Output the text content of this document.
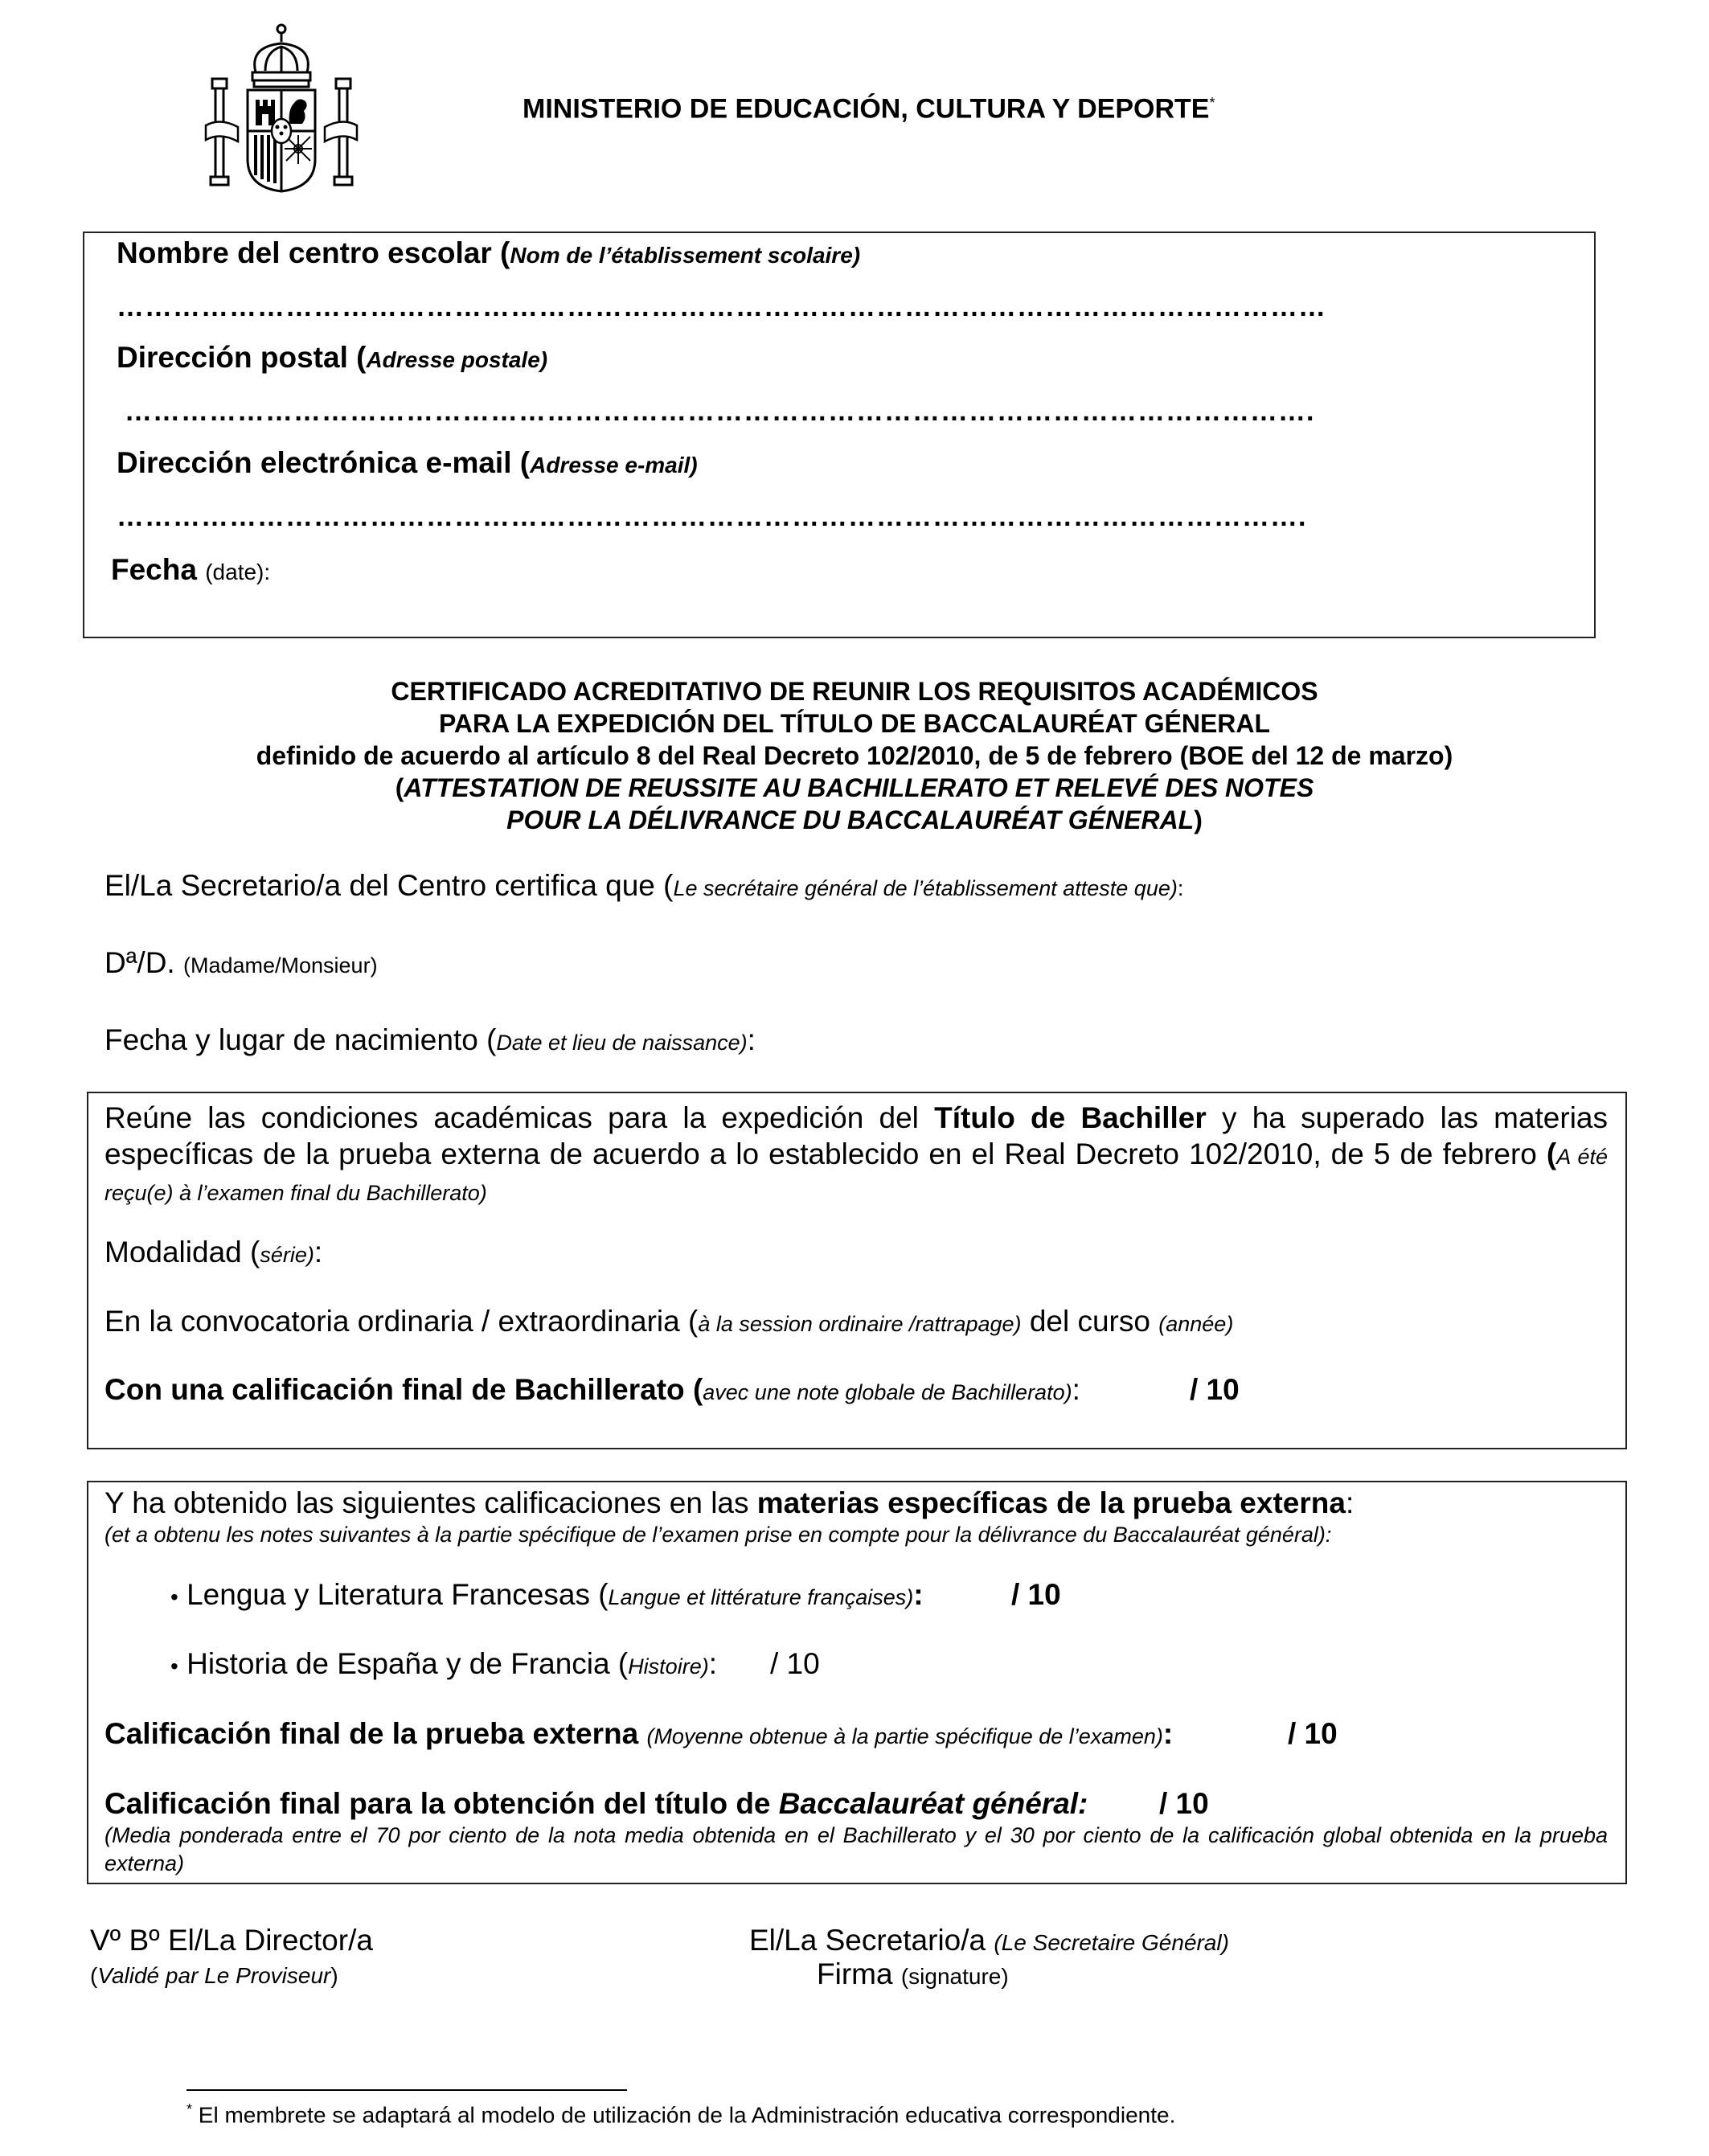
MINISTERIO DE EDUCACIÓN, CULTURA Y DEPORTE*
Nombre del centro escolar (Nom de l’établissement scolaire)
…………………………………………………………………………………………………………………
Dirección postal (Adresse postale)
……………………………………………………………………………………………………………….
Dirección electrónica e-mail (Adresse e-mail)
……………………………………………………………………………………………………………….
Fecha (date):
CERTIFICADO ACREDITATIVO DE REUNIR LOS REQUISITOS ACADÉMICOS
PARA LA EXPEDICIÓN DEL TÍTULO DE BACCALAURÉAT GÉNERAL
definido de acuerdo al artículo 8 del Real Decreto 102/2010, de 5 de febrero (BOE del 12 de marzo)
(ATTESTATION DE REUSSITE AU BACHILLERATO ET RELEVÉ DES NOTES
POUR LA DÉLIVRANCE DU BACCALAURÉAT GÉNERAL)
El/La Secretario/a del Centro certifica que (Le secrétaire général de l’établissement atteste que):
Dª/D. (Madame/Monsieur)
Fecha y lugar de nacimiento (Date et lieu de naissance):
Reúne las condiciones académicas para la expedición del Título de Bachiller y ha superado las materias específicas de la prueba externa de acuerdo a lo establecido en el Real Decreto 102/2010, de 5 de febrero (A été reçu(e) à l’examen final du Bachillerato)
Modalidad (série):
En la convocatoria ordinaria / extraordinaria (à la session ordinaire /rattrapage) del curso (année)
Con una calificación final de Bachillerato (avec une note globale de Bachillerato):	/ 10
Y ha obtenido las siguientes calificaciones en las materias específicas de la prueba externa:
(et a obtenu les notes suivantes à la partie spécifique de l’examen prise en compte pour la délivrance du Baccalauréat général):
• Lengua y Literatura Francesas (Langue et littérature françaises):	/ 10
• Historia de España y de Francia (Histoire): / 10
Calificación final de la prueba externa (Moyenne obtenue à la partie spécifique de l’examen):	/ 10
Calificación final para la obtención del título de Baccalauréat général: / 10
(Media ponderada entre el 70 por ciento de la nota media obtenida en el Bachillerato y el 30 por ciento de la calificación global obtenida en la prueba externa)
Vº Bº El/La Director/a
(Validé par Le Proviseur)
El/La Secretario/a (Le Secretaire Général)
Firma (signature)
* El membrete se adaptará al modelo de utilización de la Administración educativa correspondiente.
